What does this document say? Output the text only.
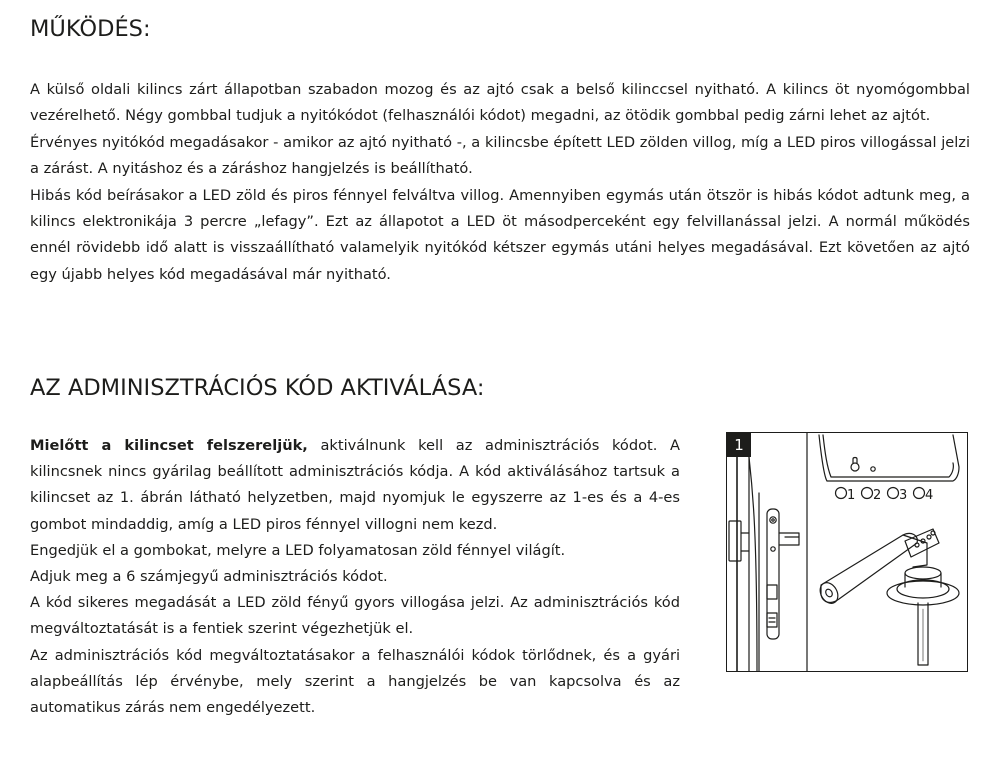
MŰKÖDÉS:

A külső oldali kilincs zárt állapotban szabadon mozog és az ajtó csak a belső kilinccsel nyitható. A kilincs öt nyomógombbal vezérelhető. Négy gombbal tudjuk a nyitókódot (felhasználói kódot) megadni, az ötödik gombbal pedig zárni lehet az ajtót.

Érvényes nyitókód megadásakor - amikor az ajtó nyitható -, a kilincsbe épített LED zölden villog, míg a LED piros villogással jelzi a zárást. A nyitáshoz és a záráshoz hangjelzés is beállítható.

Hibás kód beírásakor a LED zöld és piros fénnyel felváltva villog. Amennyiben egymás után ötször is hibás kódot adtunk meg, a kilincs elektronikája 3 percre „lefagy”. Ezt az állapotot a LED öt másodperceként egy felvillanással jelzi. A normál működés ennél rövidebb idő alatt is visszaállítható valamelyik nyitókód kétszer egymás utáni helyes megadásával. Ezt követően az ajtó egy újabb helyes kód megadásával már nyitható.

AZ ADMINISZTRÁCIÓS KÓD AKTIVÁLÁSA:

Mielőtt a kilincset felszereljük, aktiválnunk kell az adminisztrációs kódot. A kilincsnek nincs gyárilag beállított adminisztrációs kódja. A kód aktiválásához tartsuk a kilincset az 1. ábrán látható helyzetben, majd nyomjuk le egyszerre az 1-es és a 4-es gombot mindaddig, amíg a LED piros fénnyel villogni nem kezd.

Engedjük el a gombokat, melyre a LED folyamatosan zöld fénnyel világít.

Adjuk meg a 6 számjegyű adminisztrációs kódot.

A kód sikeres megadását a LED zöld fényű gyors villogása jelzi. Az adminisztrációs kód megváltoztatását is a fentiek szerint végezhetjük el.

Az adminisztrációs kód megváltoztatásakor a felhasználói kódok törlődnek, és a gyári alapbeállítás lép érvénybe, mely szerint a hangjelzés be van kapcsolva és az automatikus zárás nem engedélyezett.

1
1 2 3 4
